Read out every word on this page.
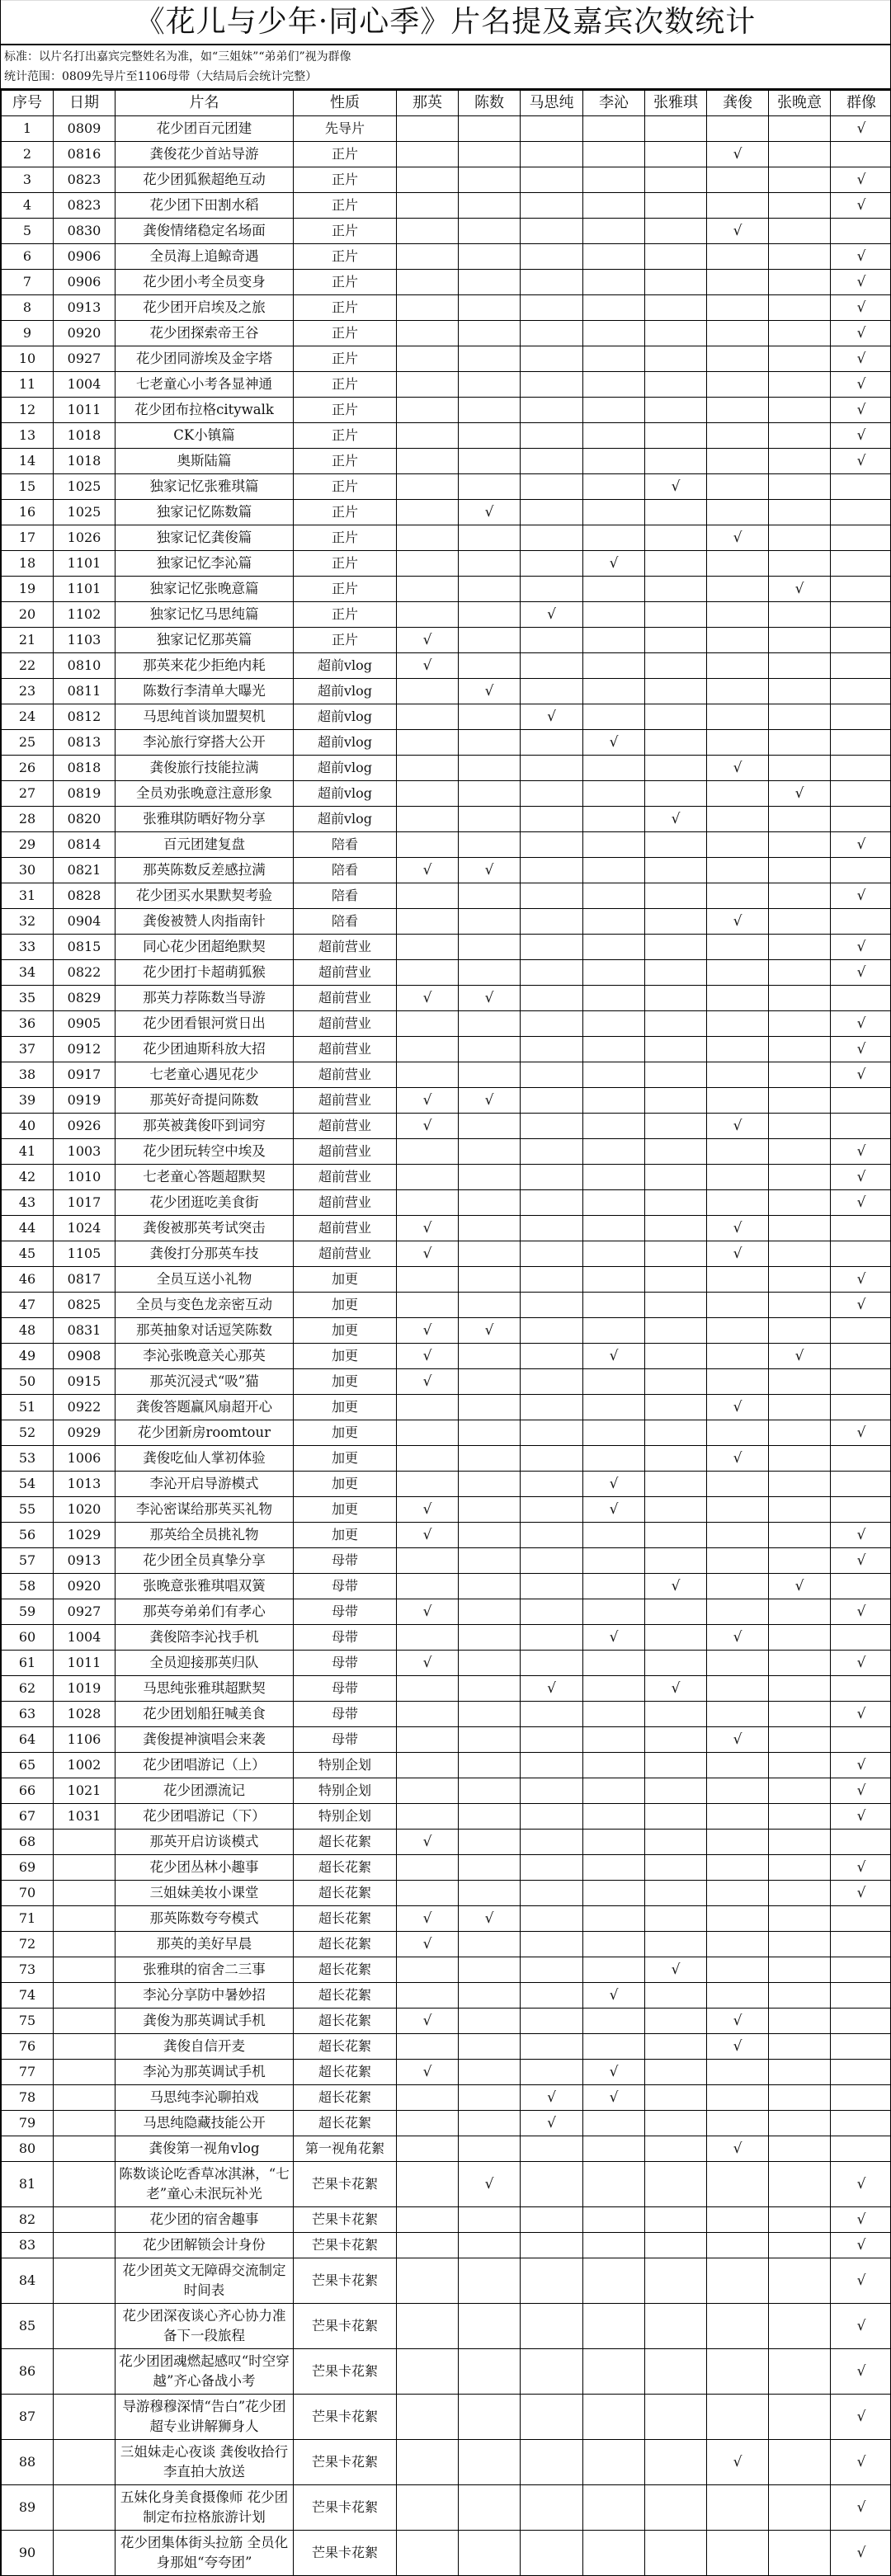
《花儿与少年·同心季》片名提及嘉宾次数统计
标准：以片名打出嘉宾完整姓名为准，如“三姐妹”“弟弟们”视为群像
统计范围：0809先导片至1106母带（大结局后会统计完整）
序号	日期	片名	性质	那英	陈数	马思纯	李沁	张雅琪	龚俊	张晚意	群像
1	0809	花少团百元团建	先导片								√
2	0816	龚俊花少首站导游	正片						√		
3	0823	花少团狐猴超绝互动	正片								√
4	0823	花少团下田割水稻	正片								√
5	0830	龚俊情绪稳定名场面	正片						√		
6	0906	全员海上追鲸奇遇	正片								√
7	0906	花少团小考全员变身	正片								√
8	0913	花少团开启埃及之旅	正片								√
9	0920	花少团探索帝王谷	正片								√
10	0927	花少团同游埃及金字塔	正片								√
11	1004	七老童心小考各显神通	正片								√
12	1011	花少团布拉格citywalk	正片								√
13	1018	CK小镇篇	正片								√
14	1018	奥斯陆篇	正片								√
15	1025	独家记忆张雅琪篇	正片					√			
16	1025	独家记忆陈数篇	正片		√						
17	1026	独家记忆龚俊篇	正片						√		
18	1101	独家记忆李沁篇	正片				√				
19	1101	独家记忆张晚意篇	正片							√	
20	1102	独家记忆马思纯篇	正片			√					
21	1103	独家记忆那英篇	正片	√							
22	0810	那英来花少拒绝内耗	超前vlog	√							
23	0811	陈数行李清单大曝光	超前vlog		√						
24	0812	马思纯首谈加盟契机	超前vlog			√					
25	0813	李沁旅行穿搭大公开	超前vlog				√				
26	0818	龚俊旅行技能拉满	超前vlog						√		
27	0819	全员劝张晚意注意形象	超前vlog							√	
28	0820	张雅琪防晒好物分享	超前vlog					√			
29	0814	百元团建复盘	陪看								√
30	0821	那英陈数反差感拉满	陪看	√	√						
31	0828	花少团买水果默契考验	陪看								√
32	0904	龚俊被赞人肉指南针	陪看						√		
33	0815	同心花少团超绝默契	超前营业								√
34	0822	花少团打卡超萌狐猴	超前营业								√
35	0829	那英力荐陈数当导游	超前营业	√	√						
36	0905	花少团看银河赏日出	超前营业								√
37	0912	花少团迪斯科放大招	超前营业								√
38	0917	七老童心遇见花少	超前营业								√
39	0919	那英好奇提问陈数	超前营业	√	√						
40	0926	那英被龚俊吓到词穷	超前营业	√					√		
41	1003	花少团玩转空中埃及	超前营业								√
42	1010	七老童心答题超默契	超前营业								√
43	1017	花少团逛吃美食街	超前营业								√
44	1024	龚俊被那英考试突击	超前营业	√					√		
45	1105	龚俊打分那英车技	超前营业	√					√		
46	0817	全员互送小礼物	加更								√
47	0825	全员与变色龙亲密互动	加更								√
48	0831	那英抽象对话逗笑陈数	加更	√	√						
49	0908	李沁张晚意关心那英	加更	√			√			√	
50	0915	那英沉浸式“吸”猫	加更	√							
51	0922	龚俊答题赢风扇超开心	加更						√		
52	0929	花少团新房roomtour	加更								√
53	1006	龚俊吃仙人掌初体验	加更						√		
54	1013	李沁开启导游模式	加更				√				
55	1020	李沁密谋给那英买礼物	加更	√			√				
56	1029	那英给全员挑礼物	加更	√							√
57	0913	花少团全员真挚分享	母带								√
58	0920	张晚意张雅琪唱双簧	母带					√		√	
59	0927	那英夸弟弟们有孝心	母带	√							√
60	1004	龚俊陪李沁找手机	母带				√		√		
61	1011	全员迎接那英归队	母带	√							√
62	1019	马思纯张雅琪超默契	母带			√		√			
63	1028	花少团划船狂喊美食	母带								√
64	1106	龚俊提神演唱会来袭	母带						√		
65	1002	花少团唱游记（上）	特别企划								√
66	1021	花少团漂流记	特别企划								√
67	1031	花少团唱游记（下）	特别企划								√
68		那英开启访谈模式	超长花絮	√							
69		花少团丛林小趣事	超长花絮								√
70		三姐妹美妆小课堂	超长花絮								√
71		那英陈数夸夸模式	超长花絮	√	√						
72		那英的美好早晨	超长花絮	√							
73		张雅琪的宿舍二三事	超长花絮					√			
74		李沁分享防中暑妙招	超长花絮				√				
75		龚俊为那英调试手机	超长花絮	√					√		
76		龚俊自信开麦	超长花絮						√		
77		李沁为那英调试手机	超长花絮	√			√				
78		马思纯李沁聊拍戏	超长花絮			√	√				
79		马思纯隐藏技能公开	超长花絮			√					
80		龚俊第一视角vlog	第一视角花絮						√		
81		陈数谈论吃香草冰淇淋，“七老”童心未泯玩补光	芒果卡花絮		√						√
82		花少团的宿舍趣事	芒果卡花絮								√
83		花少团解锁会计身份	芒果卡花絮								√
84		花少团英文无障碍交流制定时间表	芒果卡花絮								√
85		花少团深夜谈心齐心协力准备下一段旅程	芒果卡花絮								√
86		花少团团魂燃起感叹“时空穿越”齐心备战小考	芒果卡花絮								√
87		导游穆穆深情“告白”花少团 超专业讲解狮身人	芒果卡花絮								√
88		三姐妹走心夜谈 龚俊收拾行李直拍大放送	芒果卡花絮						√		√
89		五妹化身美食摄像师 花少团制定布拉格旅游计划	芒果卡花絮								√
90		花少团集体街头拉筋 全员化身那姐“夸夸团”	芒果卡花絮								√
